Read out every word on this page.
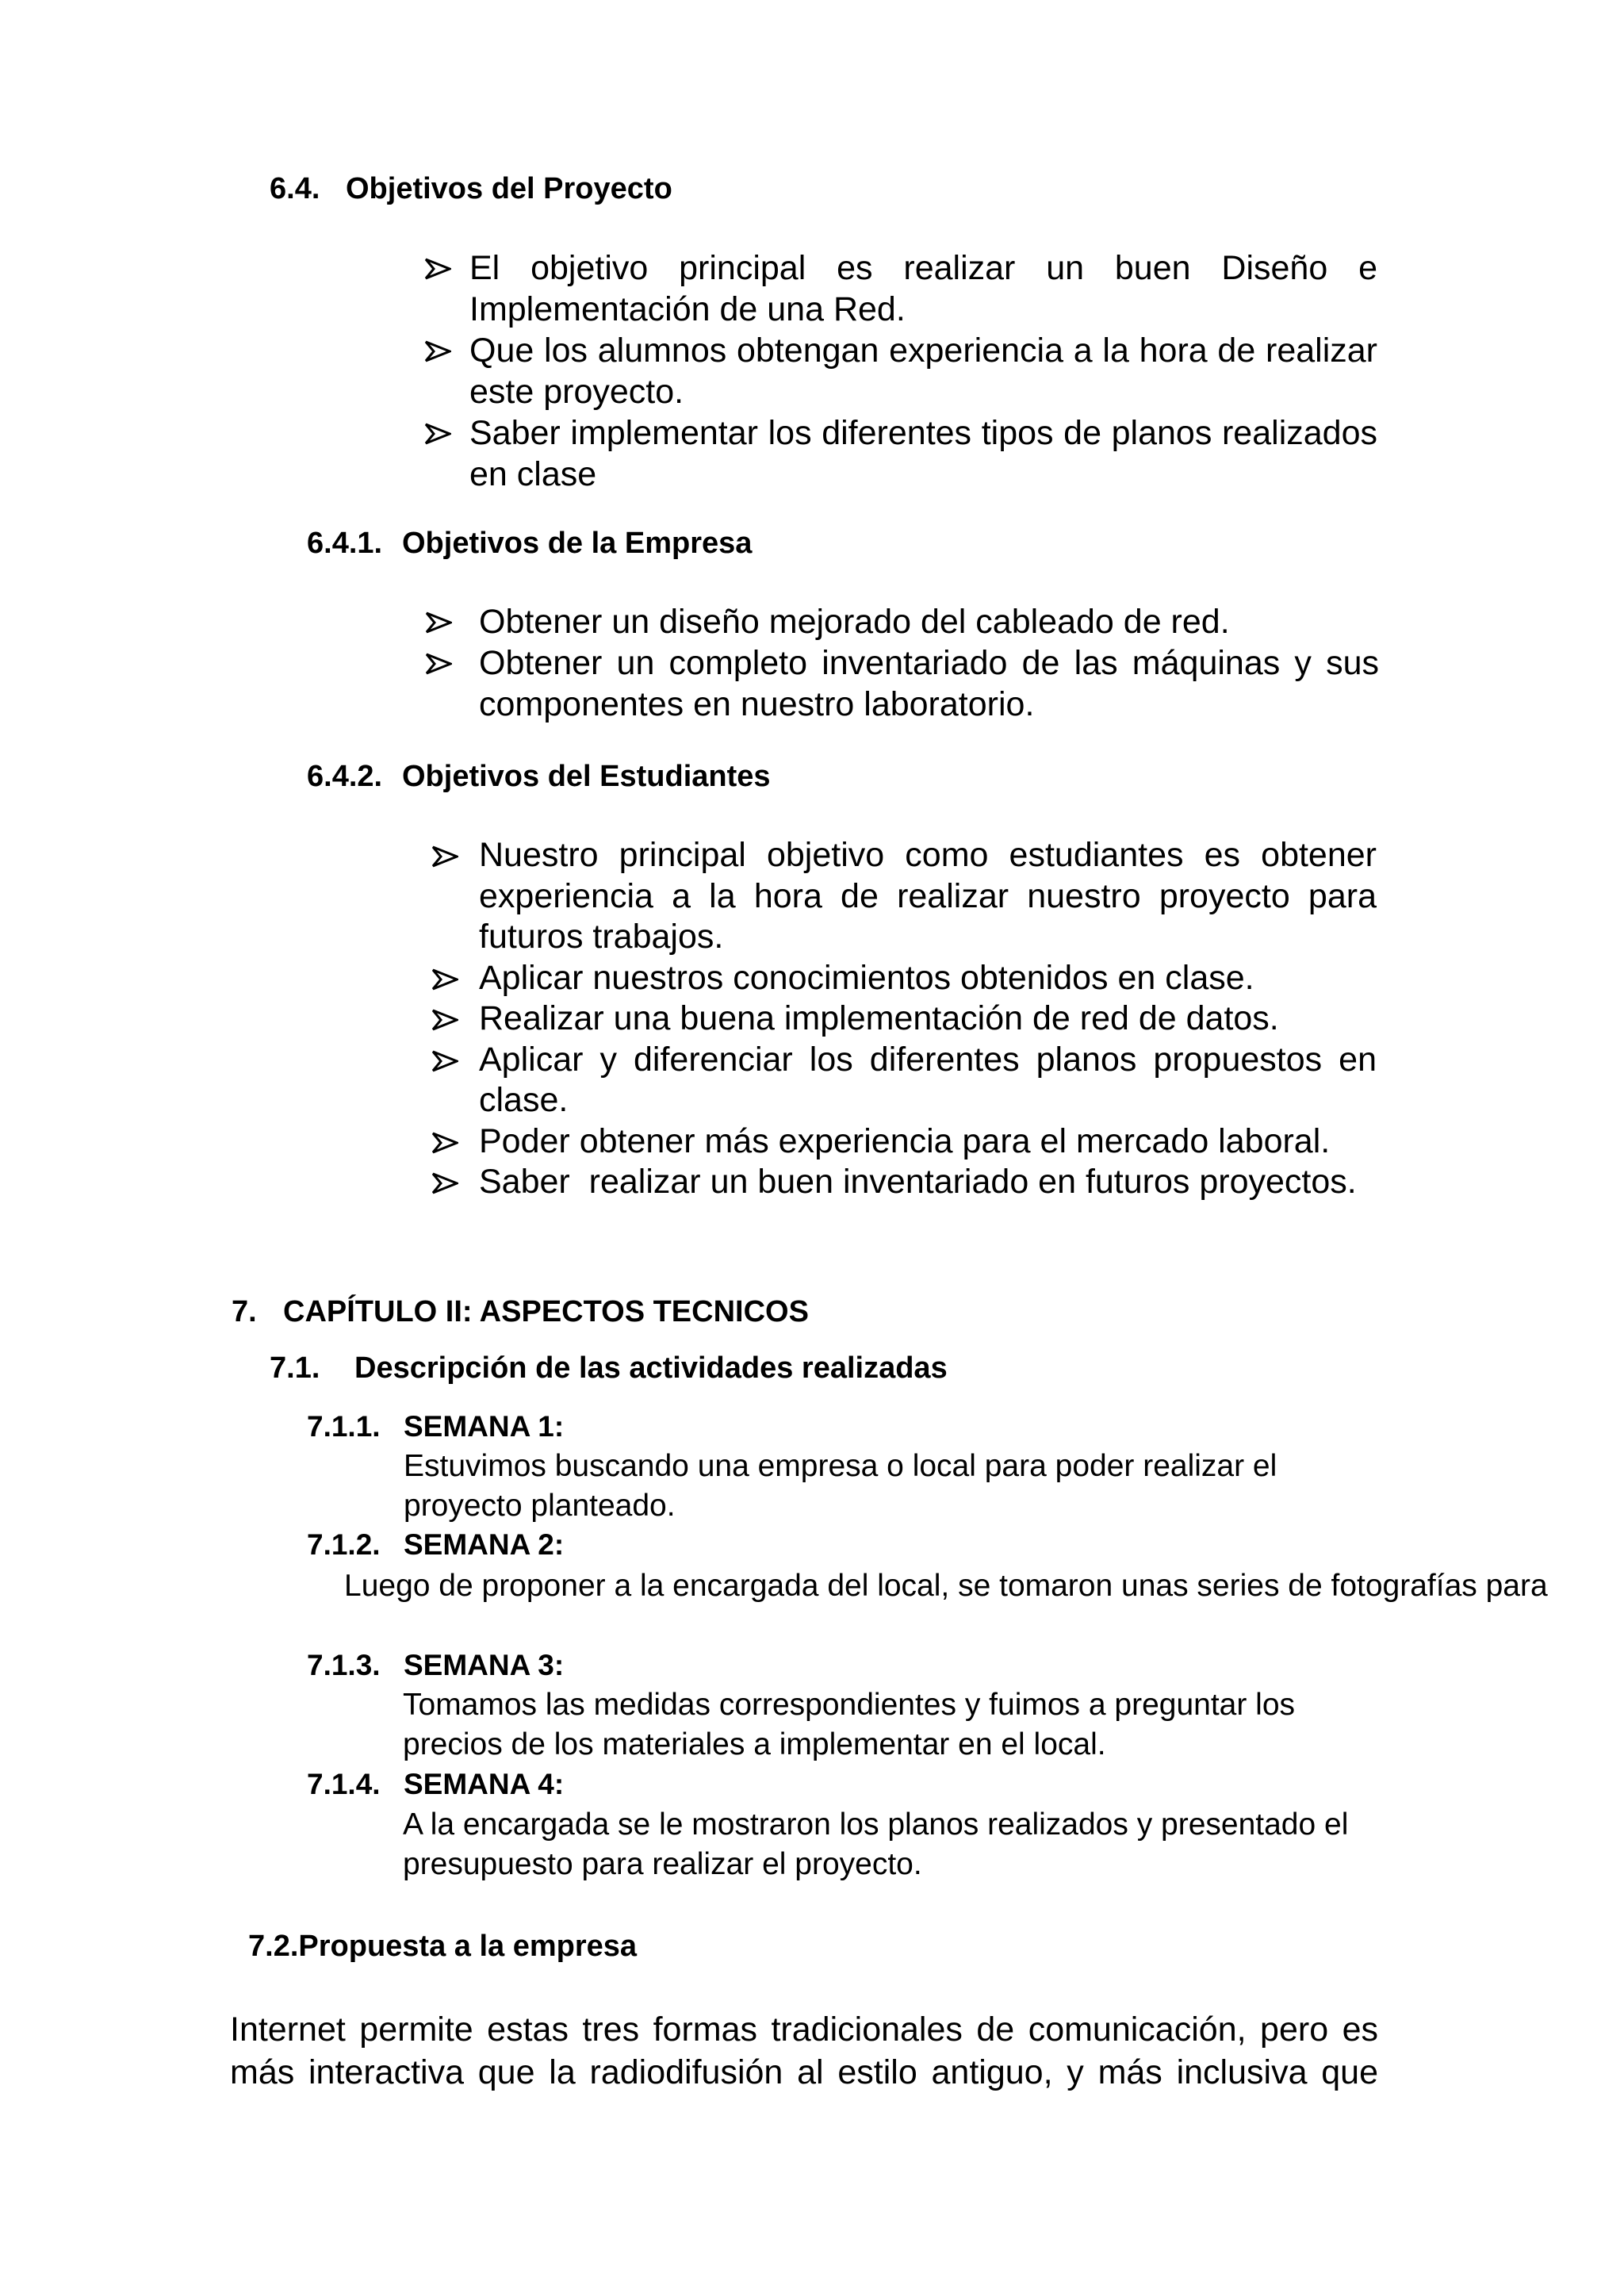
6.4. Objetivos del Proyecto
El objetivo principal es realizar un buen Diseño e Implementación de una Red.
Que los alumnos obtengan experiencia a la hora de realizar este proyecto.
Saber implementar los diferentes tipos de planos realizados en clase
6.4.1. Objetivos de la Empresa
Obtener un diseño mejorado del cableado de red.
Obtener un completo inventariado de las máquinas y sus componentes en nuestro laboratorio.
6.4.2. Objetivos del Estudiantes
Nuestro principal objetivo como estudiantes es obtener experiencia a la hora de realizar nuestro proyecto para futuros trabajos.
Aplicar nuestros conocimientos obtenidos en clase.
Realizar una buena implementación de red de datos.
Aplicar y diferenciar los diferentes planos propuestos en clase.
Poder obtener más experiencia para el mercado laboral.
Saber  realizar un buen inventariado en futuros proyectos.
7. CAPÍTULO II: ASPECTOS TECNICOS
7.1. Descripción de las actividades realizadas
7.1.1. SEMANA 1:
Estuvimos buscando una empresa o local para poder realizar el proyecto planteado.
7.1.2. SEMANA 2:
Luego de proponer a la encargada del local, se tomaron unas series de fotografías para
7.1.3. SEMANA 3:
Tomamos las medidas correspondientes y fuimos a preguntar los precios de los materiales a implementar en el local.
7.1.4. SEMANA 4:
A la encargada se le mostraron los planos realizados y presentado el presupuesto para realizar el proyecto.
7.2.Propuesta a la empresa
Internet permite estas tres formas tradicionales de comunicación, pero es
más interactiva que la radiodifusión al estilo antiguo, y más inclusiva que
